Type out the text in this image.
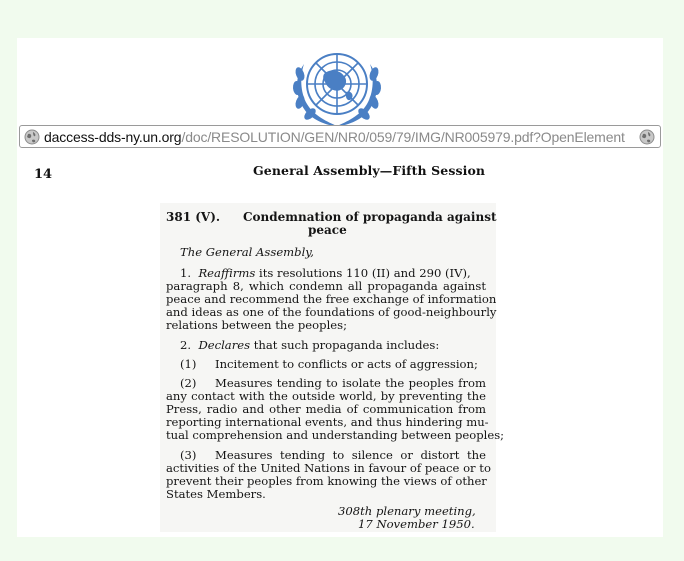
daccess-dds-ny.un.org/doc/RESOLUTION/GEN/NR0/059/79/IMG/NR005979.pdf?OpenElement
14	General Assembly—Fifth Session
381 (V). Condemnation of propaganda against
peace
The General Assembly,
1. Reaffirms its resolutions 110 (II) and 290 (IV),
paragraph 8, which condemn all propaganda against
peace and recommend the free exchange of information
and ideas as one of the foundations of good-neighbourly
relations between the peoples;
2. Declares that such propaganda includes:
(1) Incitement to conflicts or acts of aggression;
(2) Measures tending to isolate the peoples from
any contact with the outside world, by preventing the
Press, radio and other media of communication from
reporting international events, and thus hindering mu-
tual comprehension and understanding between peoples;
(3) Measures tending to silence or distort the
activities of the United Nations in favour of peace or to
prevent their peoples from knowing the views of other
States Members.
308th plenary meeting,
17 November 1950.
